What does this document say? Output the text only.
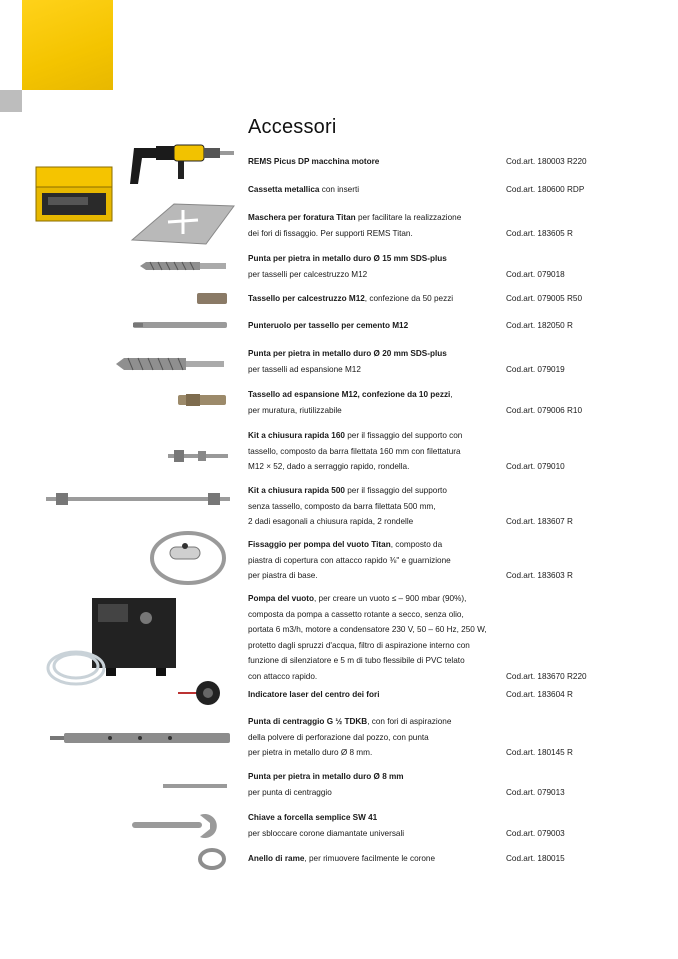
Accessori
REMS Picus DP macchina motore	Cod.art. 180003 R220
Cassetta metallica con inserti	Cod.art. 180600 RDP
Maschera per foratura Titan per facilitare la realizzazione
dei fori di fissaggio. Per supporti REMS Titan.	Cod.art. 183605 R
Punta per pietra in metallo duro Ø 15 mm SDS-plus
per tasselli per calcestruzzo M12	Cod.art. 079018
Tassello per calcestruzzo M12, confezione da 50 pezzi	Cod.art. 079005 R50
Punteruolo per tassello per cemento M12	Cod.art. 182050 R
Punta per pietra in metallo duro Ø 20 mm SDS-plus
per tasselli ad espansione M12	Cod.art. 079019
Tassello ad espansione M12, confezione da 10 pezzi,
per muratura, riutilizzabile	Cod.art. 079006 R10
Kit a chiusura rapida 160 per il fissaggio del supporto con
tassello, composto da barra filettata 160 mm con filettatura
M12 × 52, dado a serraggio rapido, rondella.	Cod.art. 079010
Kit a chiusura rapida 500 per il fissaggio del supporto
senza tassello, composto da barra filettata 500 mm,
2 dadi esagonali a chiusura rapida, 2 rondelle	Cod.art. 183607 R
Fissaggio per pompa del vuoto Titan, composto da
piastra di copertura con attacco rapido ⅜" e guarnizione
per piastra di base.	Cod.art. 183603 R
Pompa del vuoto, per creare un vuoto ≤ – 900 mbar (90%),
composta da pompa a cassetto rotante a secco, senza olio,
portata 6 m3/h, motore a condensatore 230 V, 50 – 60 Hz, 250 W,
protetto dagli spruzzi d'acqua, filtro di aspirazione interno con
funzione di silenziatore e 5 m di tubo flessibile di PVC telato
con attacco rapido.	Cod.art. 183670 R220
Indicatore laser del centro dei fori	Cod.art. 183604 R
Punta di centraggio G ½ TDKB, con fori di aspirazione
della polvere di perforazione dal pozzo, con punta
per pietra in metallo duro Ø 8 mm.	Cod.art. 180145 R
Punta per pietra in metallo duro Ø 8 mm
per punta di centraggio	Cod.art. 079013
Chiave a forcella semplice SW 41
per sbloccare corone diamantate universali	Cod.art. 079003
Anello di rame, per rimuovere facilmente le corone	Cod.art. 180015
